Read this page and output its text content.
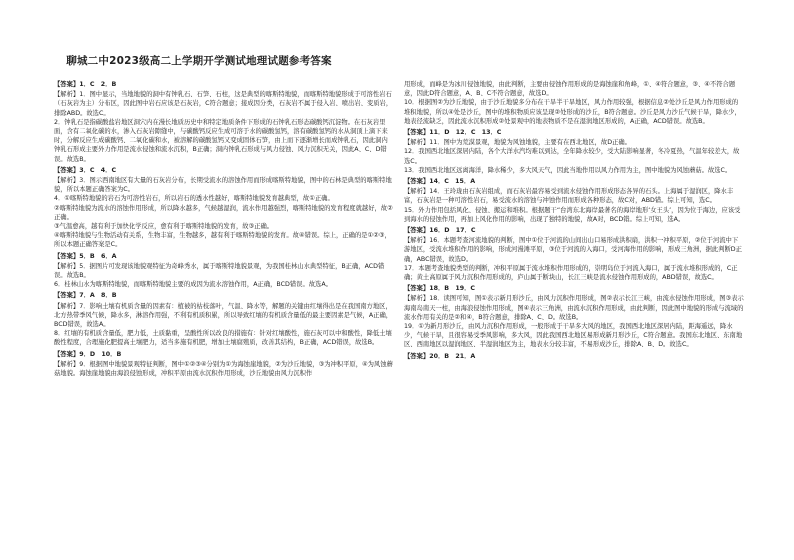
聊城二中2023级高二上学期开学测试地理试题参考答案
【答案】1．C　2．B
【解析】1．图中显示，当地地貌的洞中有钟乳石、石笋、石柱，这是典型的喀斯特地貌，而喀斯特地貌形成于可溶性岩石（石灰岩为主）分布区，因此图中岩石应该是石灰岩，C符合题意；接成因分类，石灰岩不属于侵入岩、喷出岩、变质岩，排除ABD。故选C。
2．钟乳石是指碳酸盐岩地区洞穴内在漫长地质历史中和特定地质条件下形成的石钟乳石形态碳酸钙沉淀物。在石灰岩里面，含有二氧化碳的水，渗入石灰岩隙缝中，与碳酸钙反应生成可溶于水的碳酸氢钙，溶有碳酸氢钙的水从洞顶上滴下来时，分解反应生成碳酸钙、二氧化碳和水，被溶解的碳酸氢钙又变成固体石笋，由上而下逐渐增长而成钟乳石，因此洞内钟乳石形成主要外力作用是流水侵蚀和流水沉积，B正确；洞内钟乳石形成与风力侵蚀、风力沉积无关，因此A、C、D错误。故选B。
【答案】3．C　4．C
【解析】3．图示西南地区有大量的石灰岩分布，长期受流水的溶蚀作用而形成喀斯特地貌，图中的石林是典型的喀斯特地貌，所以本题正确答案为C。
4．①喀斯特地貌的岩石为可溶性岩石，所以岩石的透水性越好，喀斯特地貌发育越典型，故①正确。
②喀斯特地貌为流水的溶蚀作用形成，所以降水越多，气候越湿润，流水作用越强烈，喀斯特地貌的发育程度就越好，故②正确。
③气温愈高，越有利于加快化学反应，愈有利于喀斯特地貌的发育，故③正确。
④喀斯特地貌与生物活动有关系，生物丰富，生物越多，越有利于喀斯特地貌的发育。故④错误。综上，正确的是①②③，所以本题正确答案是C。
【答案】5．B　6．A
【解析】5．据图片可发现该地貌观特征为奇峰秀水，属于喀斯特地貌景观，为我国桂林山水典型特征，B正确，ACD错误。故选B。
6．桂林山水为喀斯特地貌，而喀斯特地貌主要的成因为流水溶蚀作用，A正确，BCD错误。故选A。
【答案】7．A　8．B
【解析】7．影响土壤有机质含量的因素有：植被的枯枝落叶，气温、降水等，解题的关键由红壤得出是在我国南方地区，北方热带季风气候，降水多，淋溶作用强，不利有机质积累，所以导致红壤的有机质含量低的最主要因素是气候，A正确，BCD错误，故选A。
8．红壤的有机质含量低，肥力低，土质黏重，呈酸性所以改良的措施有：针对红壤酸性，施石灰可以中和酸性，降低土壤酸性程度，合理施化肥提高土壤肥力，适当多施有机肥，增加土壤腐殖质，改善其结构，B正确，ACD错误，故选B。
【答案】9．D　10．B
【解析】9．根据图中地貌景观特征判断，图中①②③④分别为①为海蚀崖地貌，②为沙丘地貌，③为冲积平原，④为风蚀蘑菇地貌。海蚀崖地貌由海浪侵蚀形成，冲积平原由流水沉积作用形成，沙丘地貌由风力沉积作
用形成，而峰是为冰川侵蚀地貌，由此判断，主要由侵蚀作用形成的是海蚀崖和角峰，①、④符合题意，③、④不符合题意，因此D符合题意，A、B、C不符合题意，故选D。
10．根据图②为沙丘地貌，由于沙丘地貌多分布在干旱半干旱地区，风力作用较强，根据信息②处沙丘是风力作用形成的堆积地貌，所以④处是沙丘，图中的堆积物质应该呈现②处形成的沙丘，B符合题意。沙丘是风力沙丘气候干旱，降水少，地表径流缺乏，因此流水沉积形成②处景观中的地表物质不是在湿润地区形成的，A正确，ACD错误。故选B。
【答案】11．D　12．C　13．C
【解析】11．图中为荒漠景观，地貌为风蚀地貌，主要有在西北地区，故D正确。
12．我国西北地区深居内陆，各个大洋水汽均难以到达，全年降水较少，受大陆影响显著，冬冷夏热，气温年较差大，故选C。
13．我国西北地区远离海洋，降水稀少，多大风天气，因此当地作用以风力作用为主，图中地貌为风蚀蘑菇。故选C。
【答案】14．C　15．A
【解析】14．王玲珑由石灰岩组成，而石灰岩最容易受到流水侵蚀作用形成形态各异的石头。上海属于湿润区，降水丰富，石灰岩是一种可溶性岩石，易受流水的溶蚀与冲蚀作用而形成各种形态，故C对，ABD错。综上可知，选C。
15．外力作用包括风化、侵蚀、搬运和堆积。根据题干“台湾东北海岸最著名的海岸地形‘女王头’，因为位于海边，应该受到海水的侵蚀作用，再加上风化作用的影响，出现了独特的地貌，故A对，BCD错。综上可知，选A。
【答案】16．D　17．C
【解析】16．本题考查河流地貌的判断，图中①位于河流的山间出山口易形成洪积扇，洪积一冲积平原，②位于河流中下游地区，受流水堆积作用的影响，形成河漫滩平原，③位于河流的入海口，受河海作用的影响，形成三角洲，据此判断D正确，ABC错误，故选D。
17．本题考查地貌类型的判断，冲积平原属于流水堆积作用形成的，崇明岛位于河流入海口，属于流水堆积形成的，C正确；黄土高原属于风力沉积作用形成的，庐山属于断块山，长江三峡是流水侵蚀作用形成的，ABD错误，故选C。
【答案】18．B　19．C
【解析】18．读图可知，图①表示新月形沙丘，由风力沉积作用形成，图②表示长江三峡，由流水侵蚀作用形成，图③表示海南岛南天一柱，由海浪侵蚀作用形成，图④表示三角洲，由流水沉积作用形成，由此判断，因此图中地貌的形成与流域的流水作用有关的是②和④，B符合题意，排除A、C、D。故选B。
19．①为新月形沙丘，由风力沉积作用形成，一般形成于干旱多大风的地区，我国西北地区深居内陆，距海遥远，降水少，气候干旱，且很容易受季风影响，多大风，因此我国西北地区易形成新月形沙丘，C符合题意。我国东北地区、东南地区、西南地区以湿润地区、半湿润地区为主，地表水分较丰富，不易形成沙丘，排除A、B、D。故选C。
【答案】20．B　21．A
